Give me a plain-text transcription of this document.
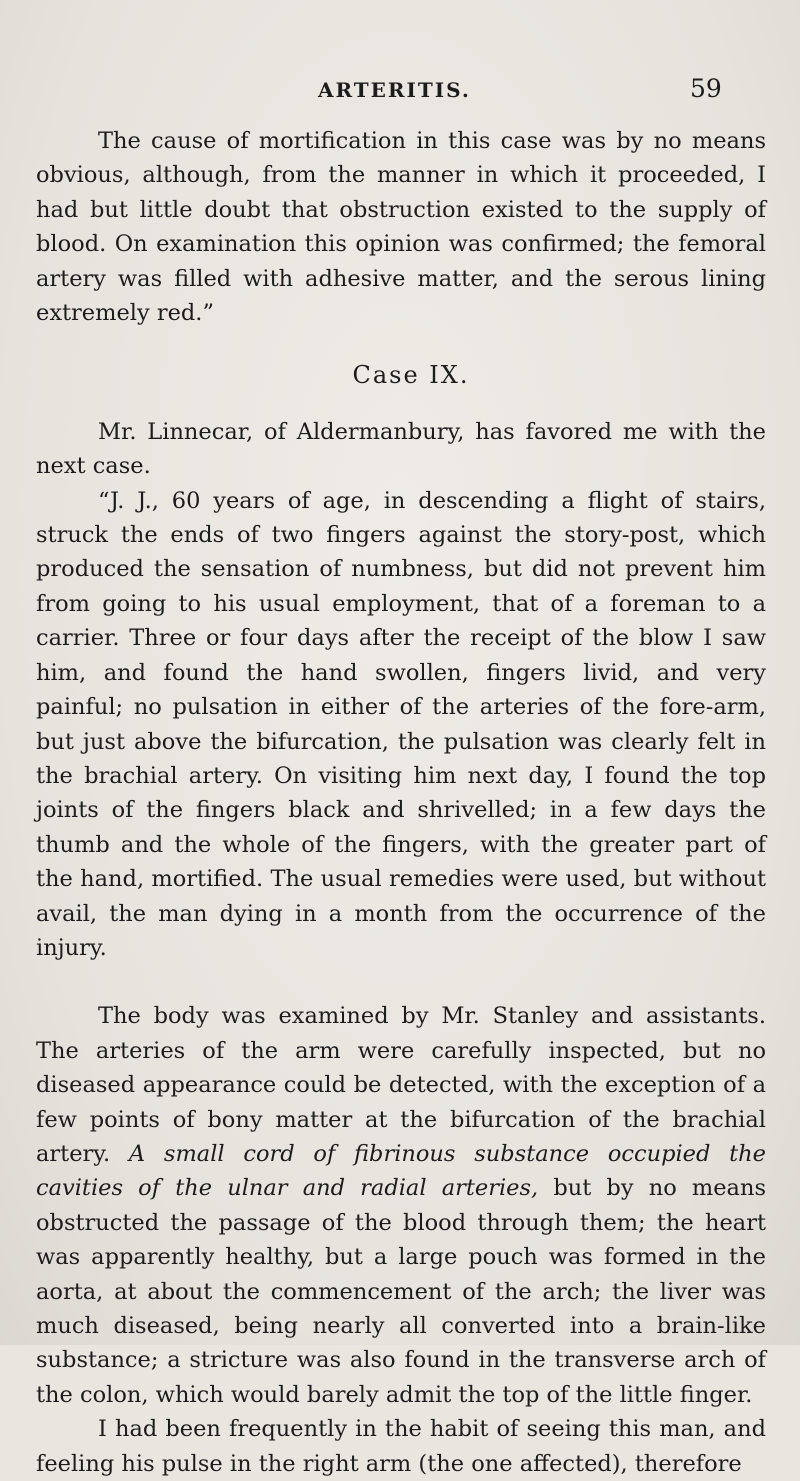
ARTERITIS.	59

The cause of mortification in this case was by no means obvious, although, from the manner in which it proceeded, I had but little doubt that obstruction existed to the supply of blood. On examination this opinion was confirmed; the femoral artery was filled with adhesive matter, and the serous lining extremely red.”

Case IX.

Mr. Linnecar, of Aldermanbury, has favored me with the next case.

“J. J., 60 years of age, in descending a flight of stairs, struck the ends of two fingers against the story-post, which produced the sensation of numbness, but did not prevent him from going to his usual employment, that of a foreman to a carrier. Three or four days after the receipt of the blow I saw him, and found the hand swollen, fingers livid, and very painful; no pulsation in either of the arteries of the fore-arm, but just above the bifurcation, the pulsation was clearly felt in the brachial artery. On visiting him next day, I found the top joints of the fingers black and shrivelled; in a few days the thumb and the whole of the fingers, with the greater part of the hand, mortified. The usual remedies were used, but without avail, the man dying in a month from the occurrence of the injury.

The body was examined by Mr. Stanley and assistants. The arteries of the arm were carefully inspected, but no diseased appearance could be detected, with the exception of a few points of bony matter at the bifurcation of the brachial artery. A small cord of fibrinous substance occupied the cavities of the ulnar and radial arteries, but by no means obstructed the passage of the blood through them; the heart was apparently healthy, but a large pouch was formed in the aorta, at about the commencement of the arch; the liver was much diseased, being nearly all converted into a brain-like substance; a stricture was also found in the transverse arch of the colon, which would barely admit the top of the little finger.

I had been frequently in the habit of seeing this man, and feeling his pulse in the right arm (the one affected), therefore
